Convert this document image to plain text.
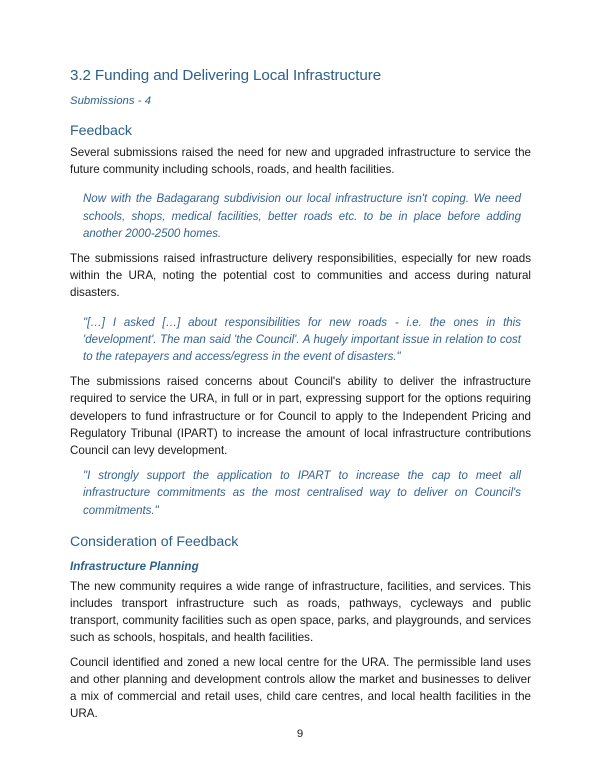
3.2 Funding and Delivering Local Infrastructure

Submissions - 4

Feedback

Several submissions raised the need for new and upgraded infrastructure to service the future community including schools, roads, and health facilities.

Now with the Badagarang subdivision our local infrastructure isn't coping. We need schools, shops, medical facilities, better roads etc. to be in place before adding another 2000-2500 homes.

The submissions raised infrastructure delivery responsibilities, especially for new roads within the URA, noting the potential cost to communities and access during natural disasters.

"[…] I asked […] about responsibilities for new roads - i.e. the ones in this 'development'. The man said 'the Council'. A hugely important issue in relation to cost to the ratepayers and access/egress in the event of disasters."

The submissions raised concerns about Council's ability to deliver the infrastructure required to service the URA, in full or in part, expressing support for the options requiring developers to fund infrastructure or for Council to apply to the Independent Pricing and Regulatory Tribunal (IPART) to increase the amount of local infrastructure contributions Council can levy development.

"I strongly support the application to IPART to increase the cap to meet all infrastructure commitments as the most centralised way to deliver on Council's commitments."
Consideration of Feedback
Infrastructure Planning

The new community requires a wide range of infrastructure, facilities, and services. This includes transport infrastructure such as roads, pathways, cycleways and public transport, community facilities such as open space, parks, and playgrounds, and services such as schools, hospitals, and health facilities.

Council identified and zoned a new local centre for the URA. The permissible land uses and other planning and development controls allow the market and businesses to deliver a mix of commercial and retail uses, child care centres, and local health facilities in the URA.

9
